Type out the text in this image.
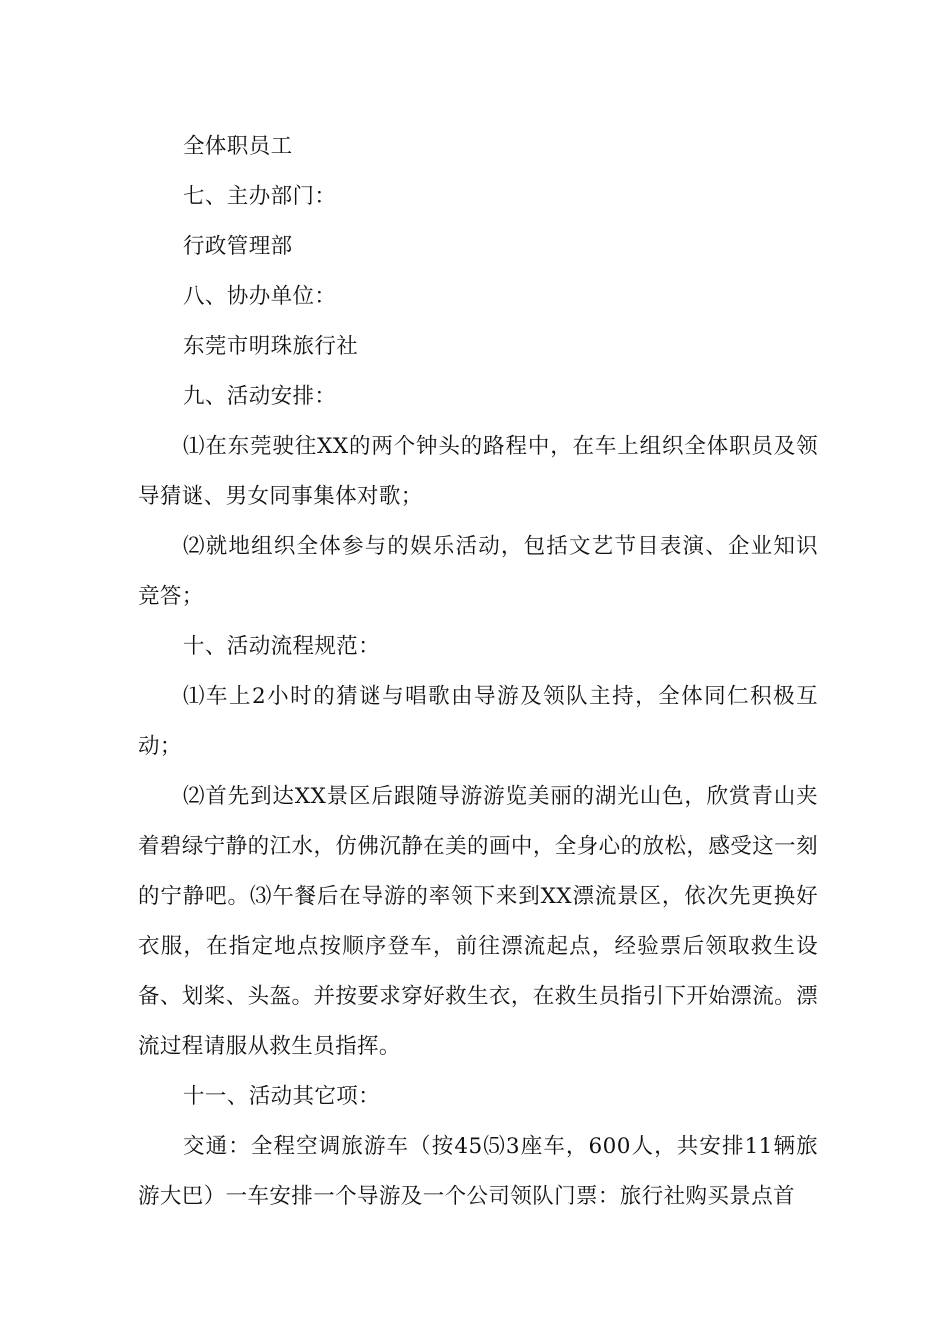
全体职员工

七、主办部门：

行政管理部

八、协办单位：

东莞市明珠旅行社

九、活动安排：

⑴在东莞驶往XX的两个钟头的路程中，在车上组织全体职员及领导猜谜、男女同事集体对歌；

⑵就地组织全体参与的娱乐活动，包括文艺节目表演、企业知识竞答；

十、活动流程规范：

⑴车上2小时的猜谜与唱歌由导游及领队主持，全体同仁积极互动；

⑵首先到达XX景区后跟随导游游览美丽的湖光山色，欣赏青山夹着碧绿宁静的江水，仿佛沉静在美的画中，全身心的放松，感受这一刻的宁静吧。⑶午餐后在导游的率领下来到XX漂流景区，依次先更换好衣服，在指定地点按顺序登车，前往漂流起点，经验票后领取救生设备、划桨、头盔。并按要求穿好救生衣，在救生员指引下开始漂流。漂流过程请服从救生员指挥。

十一、活动其它项：

交通：全程空调旅游车（按45⑸3座车，600人，共安排11辆旅游大巴）一车安排一个导游及一个公司领队门票：旅行社购买景点首
